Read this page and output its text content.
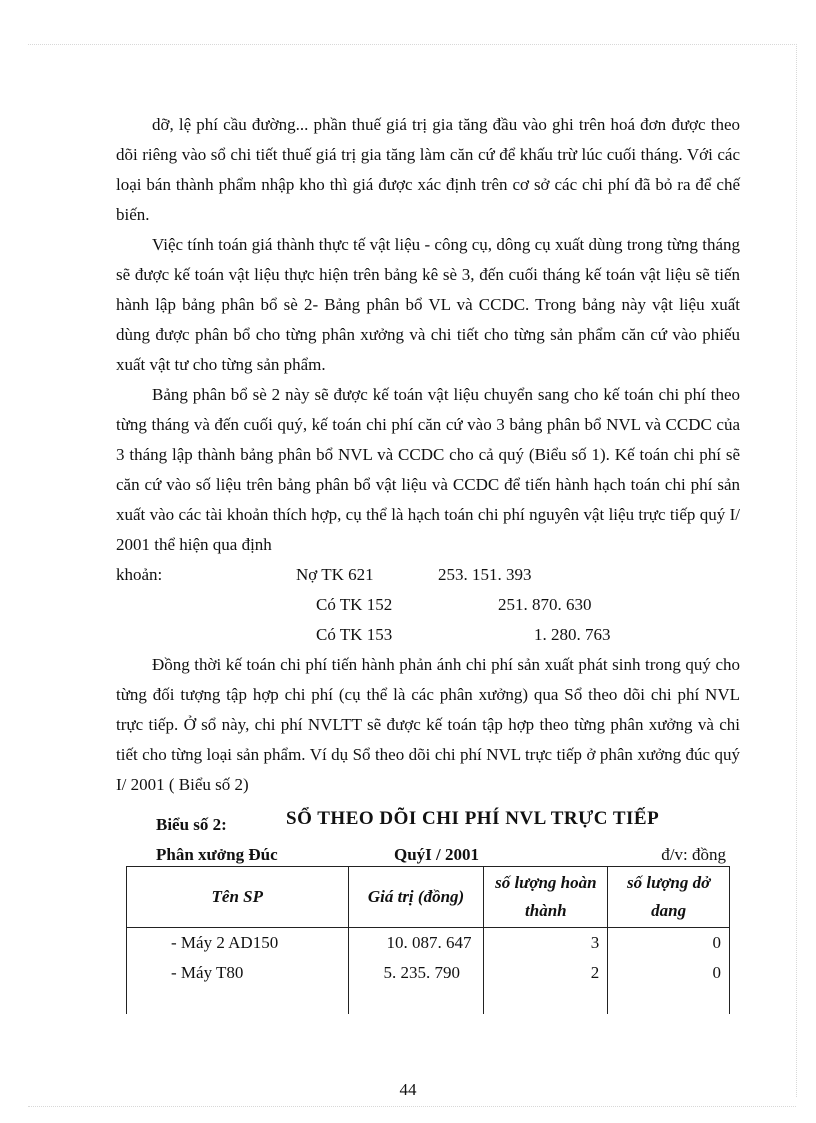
dỡ, lệ phí cầu đường... phần thuế giá trị gia tăng đầu vào ghi trên hoá đơn được theo dõi riêng vào sổ chi tiết thuế giá trị gia tăng làm căn cứ để khấu trừ lúc cuối tháng. Với các loại bán thành phẩm nhập kho thì giá được xác định trên cơ sở các chi phí đã bỏ ra để chế biến.

Việc tính toán giá thành thực tế vật liệu - công cụ, dông cụ xuất dùng trong từng tháng sẽ được kế toán vật liệu thực hiện trên bảng kê sè 3, đến cuối tháng kế toán vật liệu sẽ tiến hành lập bảng phân bổ sè 2- Bảng phân bổ VL và CCDC. Trong bảng này vật liệu xuất dùng được phân bổ cho từng phân xưởng và chi tiết cho từng sản phẩm căn cứ vào phiếu xuất vật tư cho từng sản phẩm.

Bảng phân bổ sè 2 này sẽ được kế toán vật liệu chuyển sang cho kế toán chi phí theo từng tháng và đến cuối quý, kế toán chi phí căn cứ vào 3 bảng phân bổ NVL và CCDC của 3 tháng lập thành bảng phân bổ NVL và CCDC cho cả quý (Biểu số 1). Kế toán chi phí sẽ căn cứ vào số liệu trên bảng phân bổ vật liệu và CCDC để tiến hành hạch toán chi phí sản xuất vào các tài khoản thích hợp, cụ thể là hạch toán chi phí nguyên vật liệu trực tiếp quý I/ 2001 thể hiện qua định

khoản:	Nợ TK 621	253. 151. 393
Có TK 152	251. 870. 630
Có TK 153	1. 280. 763

Đồng thời kế toán chi phí tiến hành phản ánh chi phí sản xuất phát sinh trong quý cho từng đối tượng tập hợp chi phí (cụ thể là các phân xưởng) qua Sổ theo dõi chi phí NVL trực tiếp. Ở sổ này, chi phí NVLTT sẽ được kế toán tập hợp theo từng phân xưởng và chi tiết cho từng loại sản phẩm. Ví dụ Sổ theo dõi chi phí NVL trực tiếp ở phân xưởng đúc quý I/ 2001 ( Biểu số 2)

Biểu số 2:	SỔ THEO DÕI CHI PHÍ NVL TRỰC TIẾP
Phân xưởng Đúc	QuýI / 2001	đ/v: đồng
Tên SP	Giá trị (đồng)	số lượng hoàn thành	số lượng dở dang
- Máy 2 AD150	10. 087. 647	3	0
- Máy T80	5. 235. 790	2	0
44
